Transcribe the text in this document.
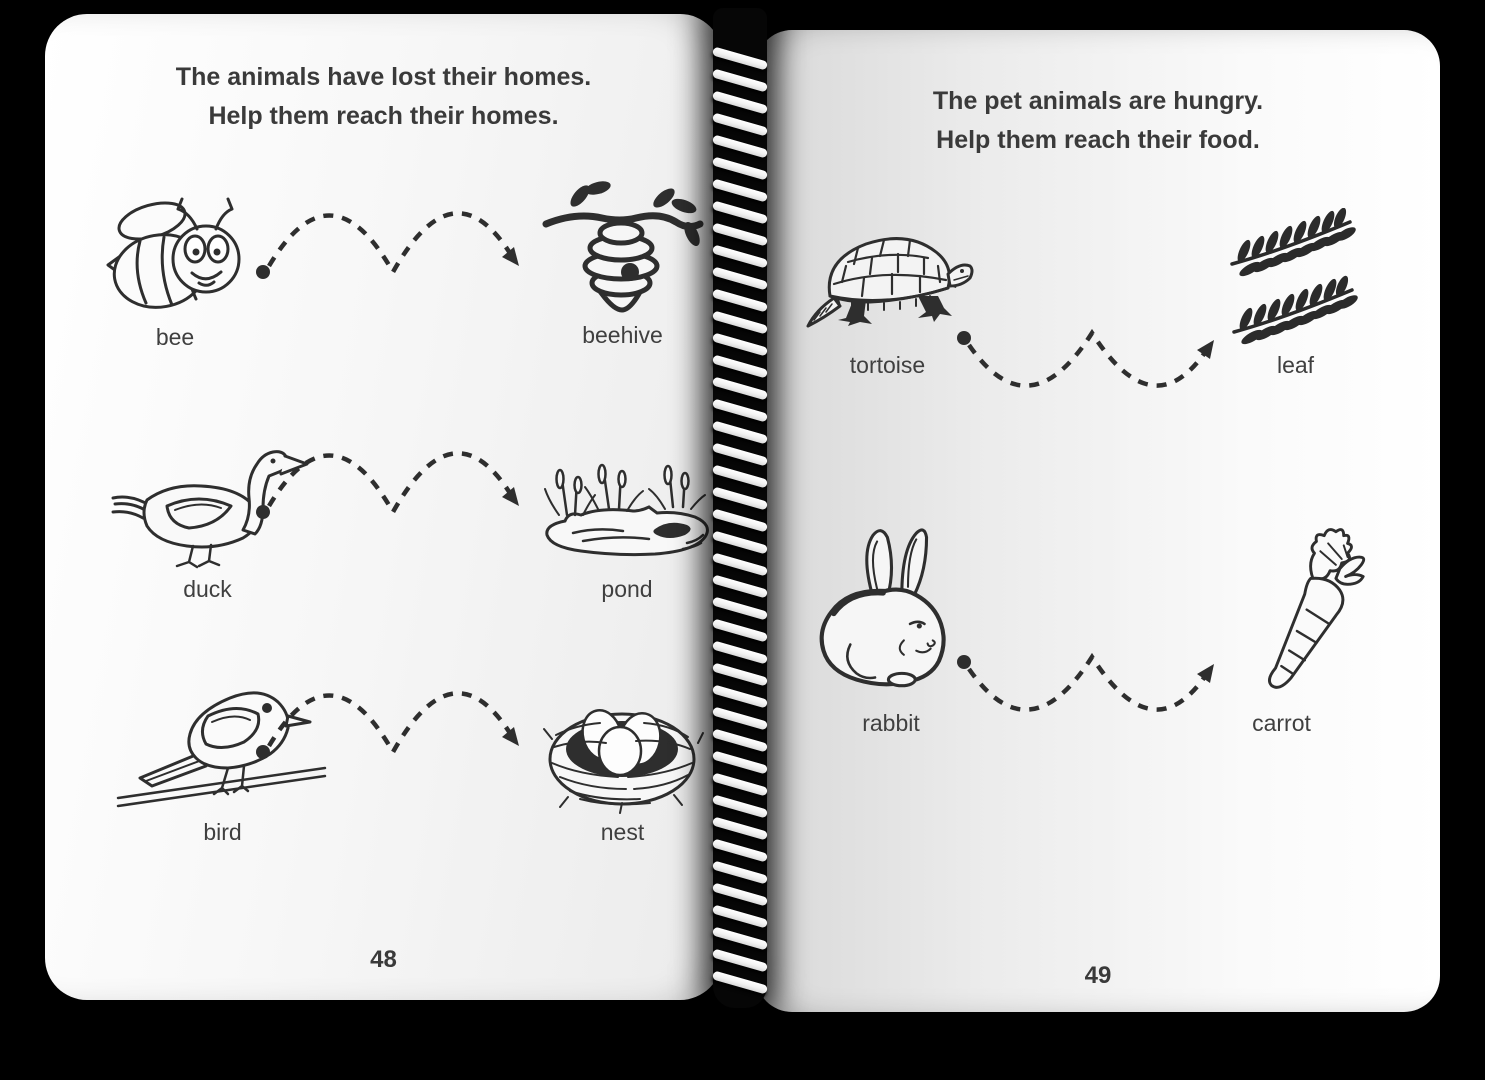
The animals have lost their homes.
Help them reach their homes.
bee	beehive
duck	pond
bird	nest
48
The pet animals are hungry.
Help them reach their food.
tortoise	leaf
rabbit	carrot
49
